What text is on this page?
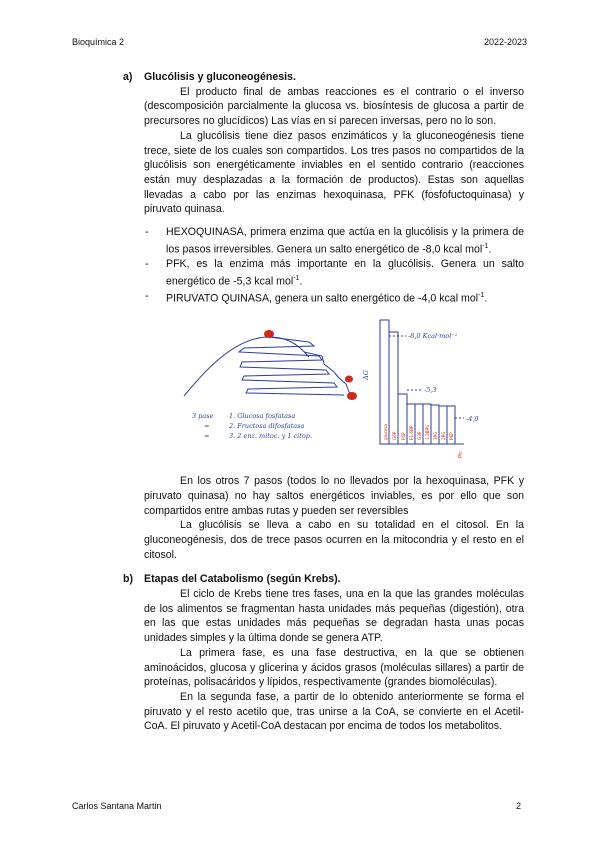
Bioquímica 2	2022-2023
a) Glucólisis y gluconeogénesis.

El producto final de ambas reacciones es el contrario o el inverso (descomposición parcialmente la glucosa vs. biosíntesis de glucosa a partir de precursores no glucídicos) Las vías en sí parecen inversas, pero no lo son.

La glucólisis tiene diez pasos enzimáticos y la gluconeogénesis tiene trece, siete de los cuales son compartidos. Los tres pasos no compartidos de la glucólisis son energéticamente inviables en el sentido contrario (reacciones están muy desplazadas a la formación de productos). Estas son aquellas llevadas a cabo por las enzimas hexoquinasa, PFK (fosfofuctoquinasa) y piruvato quinasa.

- HEXOQUINASA, primera enzima que actúa en la glucólisis y la primera de los pasos irreversibles. Genera un salto energético de -8,0 kcal mol$^{-1}$.
- PFK, es la enzima más importante en la glucólisis. Genera un salto energético de -5,3 kcal mol$^{-1}$.
- PIRUVATO QUINASA, genera un salto energético de -4,0 kcal mol$^{-1}$.
3 pase 1. Glucosa fosfatasa
=	2. Fructosa difosfatasa
=	3. 2 enz. mitoc. y 1 citop.
ΔG
-8,0 Kcal·mol⁻¹
-5,3
-4,0
glucosa G6P F6P F1,6BP G3P 1,3BPG 3PG 2PG PEP
Pir.

En los otros 7 pasos (todos lo no llevados por la hexoquinasa, PFK y piruvato quinasa) no hay saltos energéticos inviables, es por ello que son compartidos entre ambas rutas y pueden ser reversibles

La glucólisis se lleva a cabo en su totalidad en el citosol. En la gluconeogénesis, dos de trece pasos ocurren en la mitocondria y el resto en el citosol.

b) Etapas del Catabolismo (según Krebs).

El ciclo de Krebs tiene tres fases, una en la que las grandes moléculas de los alimentos se fragmentan hasta unidades más pequeñas (digestión), otra en las que estas unidades más pequeñas se degradan hasta unas pocas unidades simples y la última donde se genera ATP.

La primera fase, es una fase destructiva, en la que se obtienen aminoácidos, glucosa y glicerina y ácidos grasos (moléculas sillares) a partir de proteínas, polisacáridos y lípidos, respectivamente (grandes biomoléculas).

En la segunda fase, a partir de lo obtenido anteriormente se forma el piruvato y el resto acetilo que, tras unirse a la CoA, se convierte en el Acetil-CoA. El piruvato y Acetil-CoA destacan por encima de todos los metabolitos.

Carlos Santana Martin	2
